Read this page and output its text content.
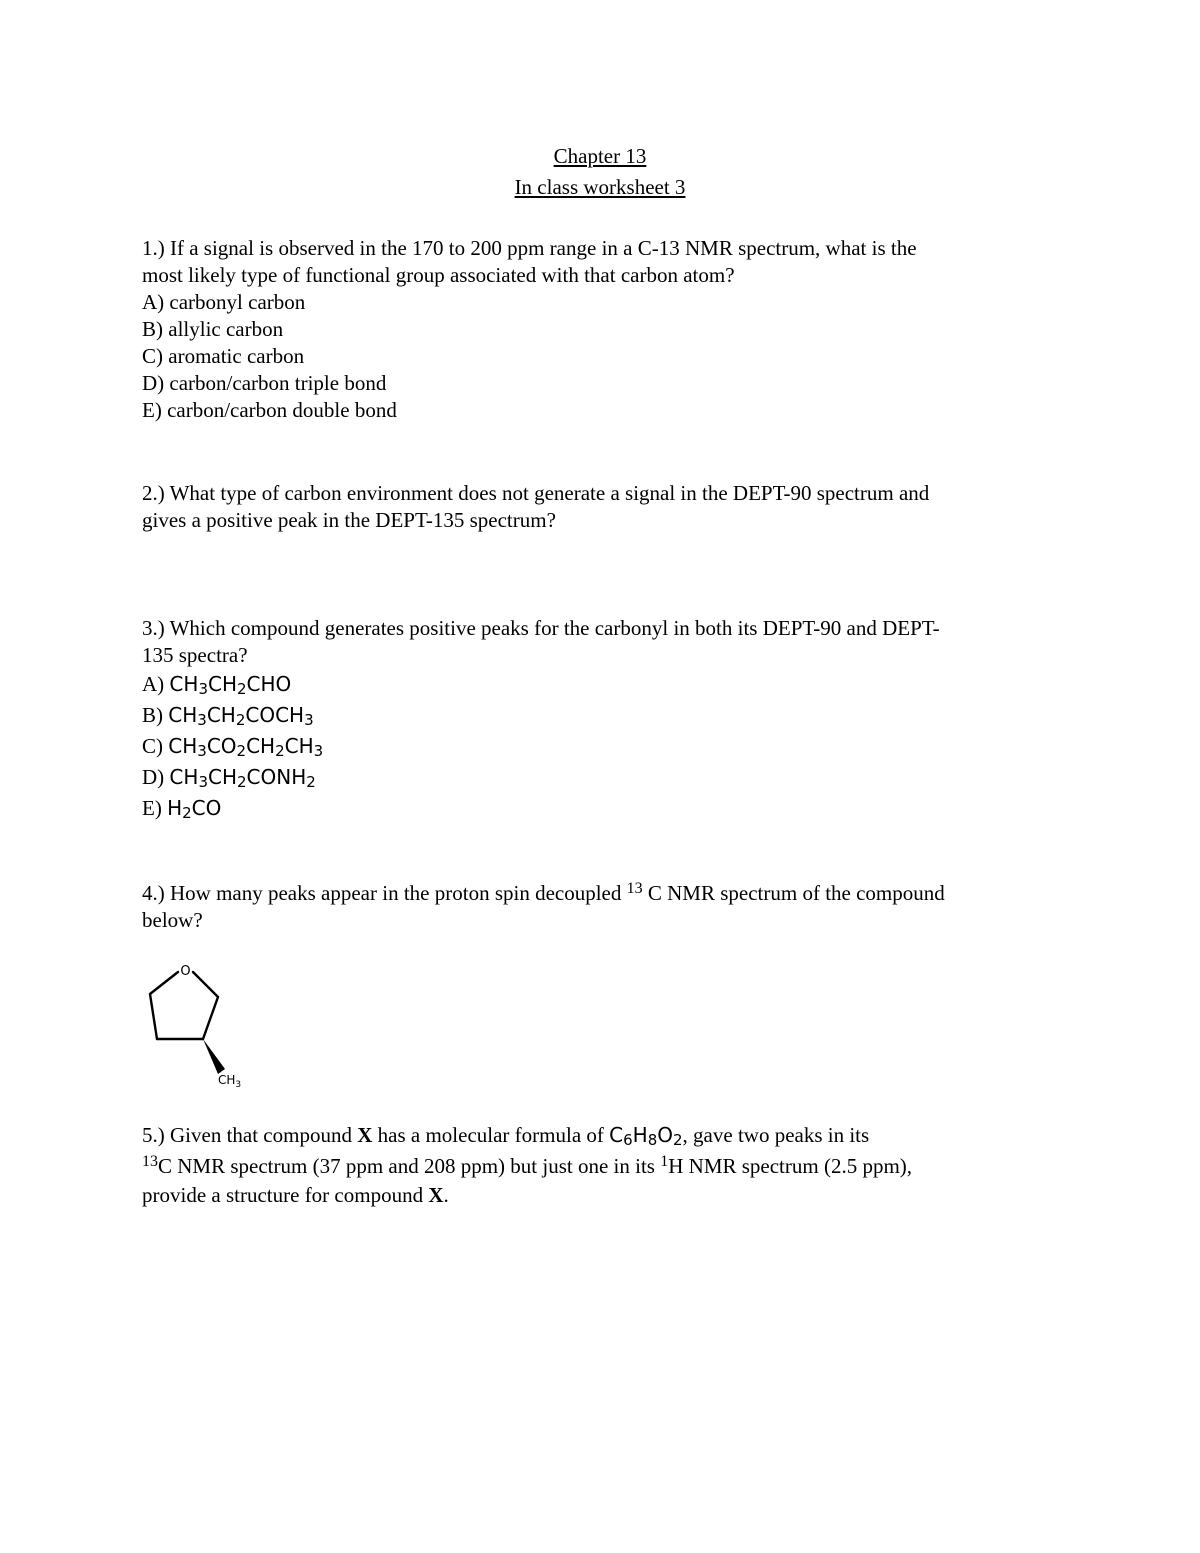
Chapter 13
In class worksheet 3
1.) If a signal is observed in the 170 to 200 ppm range in a C-13 NMR spectrum, what is the
most likely type of functional group associated with that carbon atom?
A) carbonyl carbon
B) allylic carbon
C) aromatic carbon
D) carbon/carbon triple bond
E) carbon/carbon double bond
2.) What type of carbon environment does not generate a signal in the DEPT-90 spectrum and
gives a positive peak in the DEPT-135 spectrum?
3.) Which compound generates positive peaks for the carbonyl in both its DEPT-90 and DEPT-
135 spectra?
A) $CH_3CH_2CHO$
B) $CH_3CH_2COCH_3$
C) $CH_3CO_2CH_2CH_3$
D) $CH_3CH_2CONH_2$
E) $H_2CO$
4.) How many peaks appear in the proton spin decoupled $^{13}$ C NMR spectrum of the compound
below?
O
$CH_3$
5.) Given that compound X has a molecular formula of $C_6H_8O_2$, gave two peaks in its
$^{13}$C NMR spectrum (37 ppm and 208 ppm) but just one in its $^1$H NMR spectrum (2.5 ppm),
provide a structure for compound X.
